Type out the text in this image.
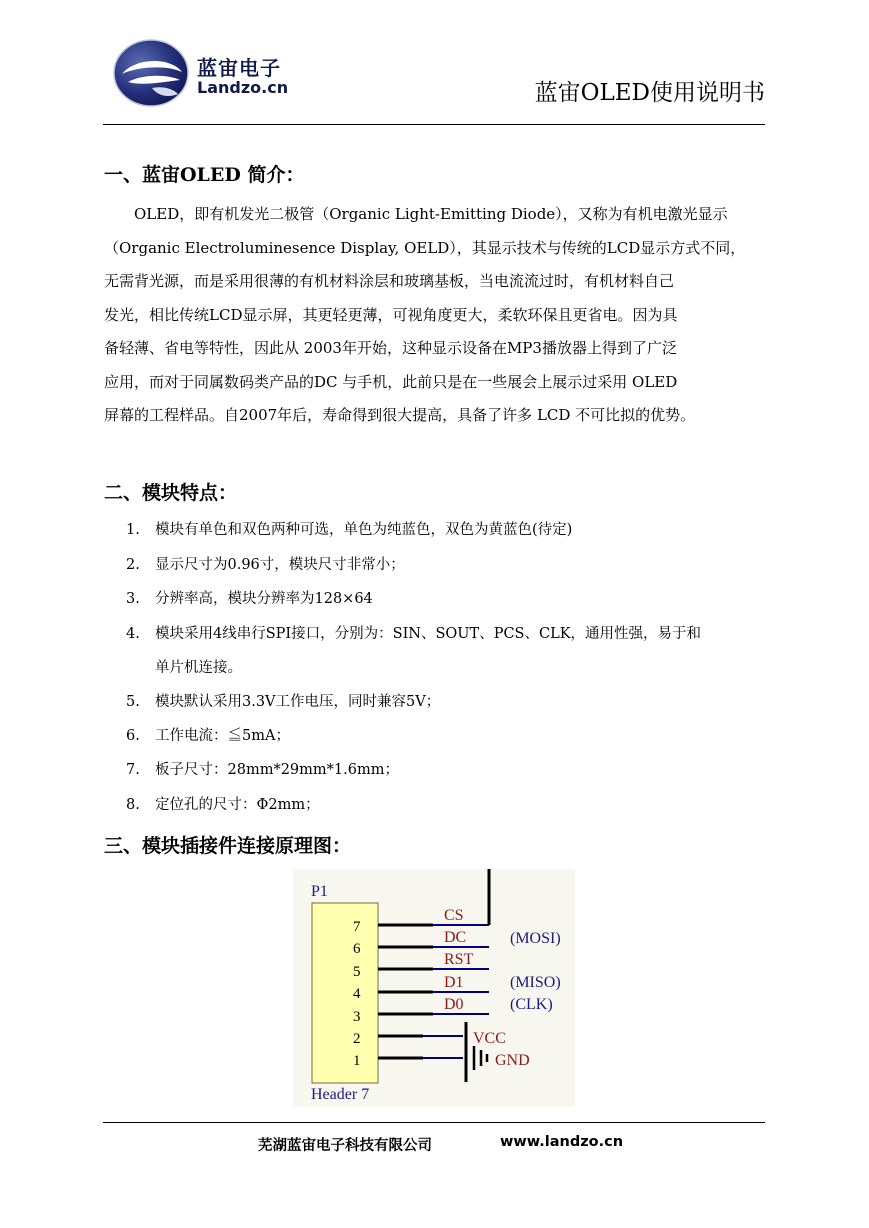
蓝宙电子
Landzo.cn	蓝宙OLED使用说明书
一、蓝宙OLED 简介：
OLED，即有机发光二极管（Organic Light-Emitting Diode），又称为有机电激光显示
（Organic Electroluminesence Display, OELD），其显示技术与传统的LCD显示方式不同，
无需背光源，而是采用很薄的有机材料涂层和玻璃基板，当电流流过时，有机材料自己
发光，相比传统LCD显示屏，其更轻更薄，可视角度更大，柔软环保且更省电。因为具
备轻薄、省电等特性，因此从 2003年开始，这种显示设备在MP3播放器上得到了广泛
应用，而对于同属数码类产品的DC 与手机，此前只是在一些展会上展示过采用 OLED
屏幕的工程样品。自2007年后，寿命得到很大提高，具备了许多 LCD 不可比拟的优势。
二、模块特点：
1. 模块有单色和双色两种可选，单色为纯蓝色，双色为黄蓝色(待定)
2. 显示尺寸为0.96寸，模块尺寸非常小；
3. 分辨率高，模块分辨率为128×64
4. 模块采用4线串行SPI接口，分别为：SIN、SOUT、PCS、CLK，通用性强，易于和
单片机连接。
5. 模块默认采用3.3V工作电压，同时兼容5V；
6. 工作电流：≦5mA；
7. 板子尺寸：28mm*29mm*1.6mm；
8. 定位孔的尺寸：Φ2mm；
三、模块插接件连接原理图：
P1
Header 7
7
6
5
4
3
2
1
CS
DC
RST
D1
D0
(MOSI)
(MISO)
(CLK)
VCC
GND
芜湖蓝宙电子科技有限公司	www.landzo.cn
